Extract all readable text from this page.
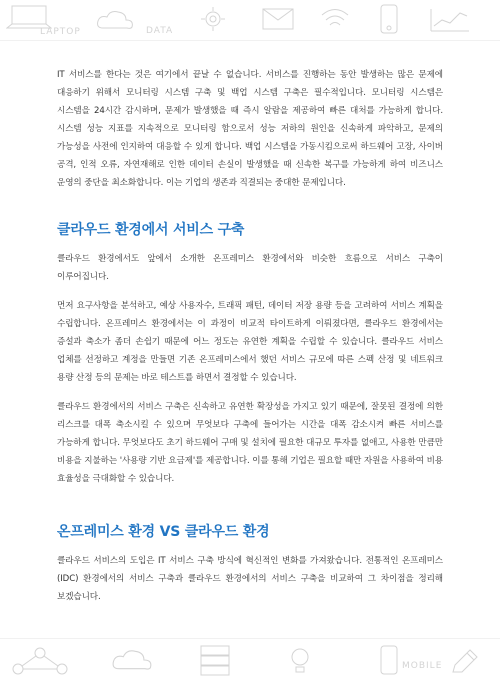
LAPTOP	DATA
MOBILE

IT 서비스를 한다는 것은 여기에서 끝날 수 없습니다. 서비스를 진행하는 동안 발생하는 많은 문제에 대응하기 위해서 모니터링 시스템 구축 및 백업 시스템 구축은 필수적입니다. 모니터링 시스템은 시스템을 24시간 감시하며, 문제가 발생했을 때 즉시 알람을 제공하여 빠른 대처를 가능하게 합니다. 시스템 성능 지표를 지속적으로 모니터링 함으로서 성능 저하의 원인을 신속하게 파악하고, 문제의 가능성을 사전에 인지하여 대응할 수 있게 합니다. 백업 시스템을 가동시킴으로써 하드웨어 고장, 사이버 공격, 인적 오류, 자연재해로 인한 데이터 손실이 발생했을 때 신속한 복구를 가능하게 하여 비즈니스 운영의 중단을 최소화합니다. 이는 기업의 생존과 직결되는 중대한 문제입니다.

클라우드 환경에서 서비스 구축

클라우드 환경에서도 앞에서 소개한 온프레미스 환경에서와 비슷한 흐름으로 서비스 구축이 이루어집니다.

먼저 요구사항을 분석하고, 예상 사용자수, 트래픽 패턴, 데이터 저장 용량 등을 고려하여 서비스 계획을 수립합니다. 온프레미스 환경에서는 이 과정이 비교적 타이트하게 이뤄졌다면, 클라우드 환경에서는 증설과 축소가 좀더 손쉽기 때문에 어느 정도는 유연한 계획을 수립할 수 있습니다. 클라우드 서비스 업체를 선정하고 계정을 만들면 기존 온프레미스에서 했던 서비스 규모에 따른 스펙 산정 및 네트워크 용량 산정 등의 문제는 바로 테스트를 하면서 결정할 수 있습니다.

클라우드 환경에서의 서비스 구축은 신속하고 유연한 확장성을 가지고 있기 때문에, 잘못된 결정에 의한 리스크를 대폭 축소시킬 수 있으며 무엇보다 구축에 들어가는 시간을 대폭 감소시켜 빠른 서비스를 가능하게 합니다. 무엇보다도 초기 하드웨어 구매 및 설치에 필요한 대규모 투자를 없애고, 사용한 만큼만 비용을 지불하는 '사용량 기반 요금제'를 제공합니다. 이를 통해 기업은 필요할 때만 자원을 사용하여 비용 효율성을 극대화할 수 있습니다.

온프레미스 환경 VS 클라우드 환경

클라우드 서비스의 도입은 IT 서비스 구축 방식에 혁신적인 변화를 가져왔습니다. 전통적인 온프레미스(IDC) 환경에서의 서비스 구축과 클라우드 환경에서의 서비스 구축을 비교하여 그 차이점을 정리해 보겠습니다.
